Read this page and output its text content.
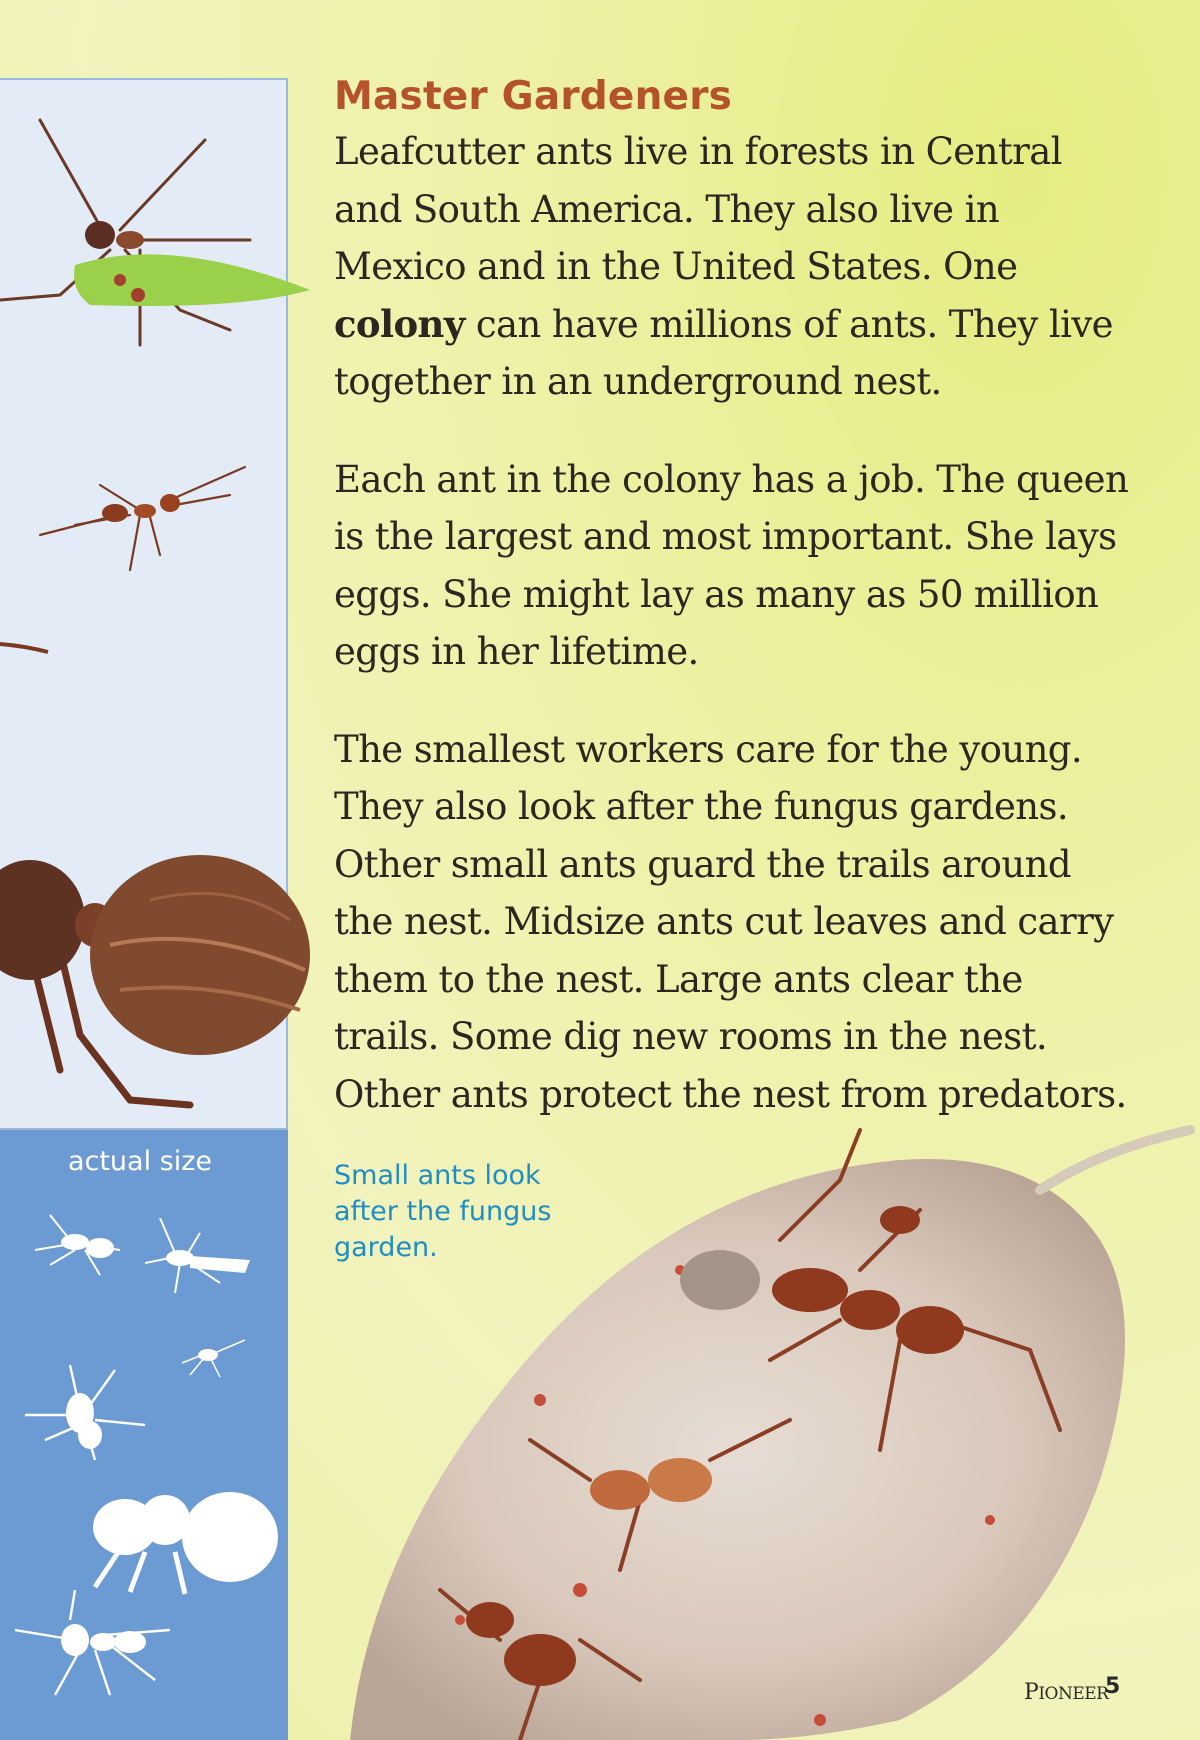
actual size
Master Gardeners

Leafcutter ants live in forests in Central and South America. They also live in Mexico and in the United States. One colony can have millions of ants. They live together in an underground nest.

Each ant in the colony has a job. The queen is the largest and most important. She lays eggs. She might lay as many as 50 million eggs in her lifetime.

The smallest workers care for the young. They also look after the fungus gardens. Other small ants guard the trails around the nest. Midsize ants cut leaves and carry them to the nest. Large ants clear the trails. Some dig new rooms in the nest. Other ants protect the nest from predators.

Small ants look after the fungus garden.
PIONEER
5
